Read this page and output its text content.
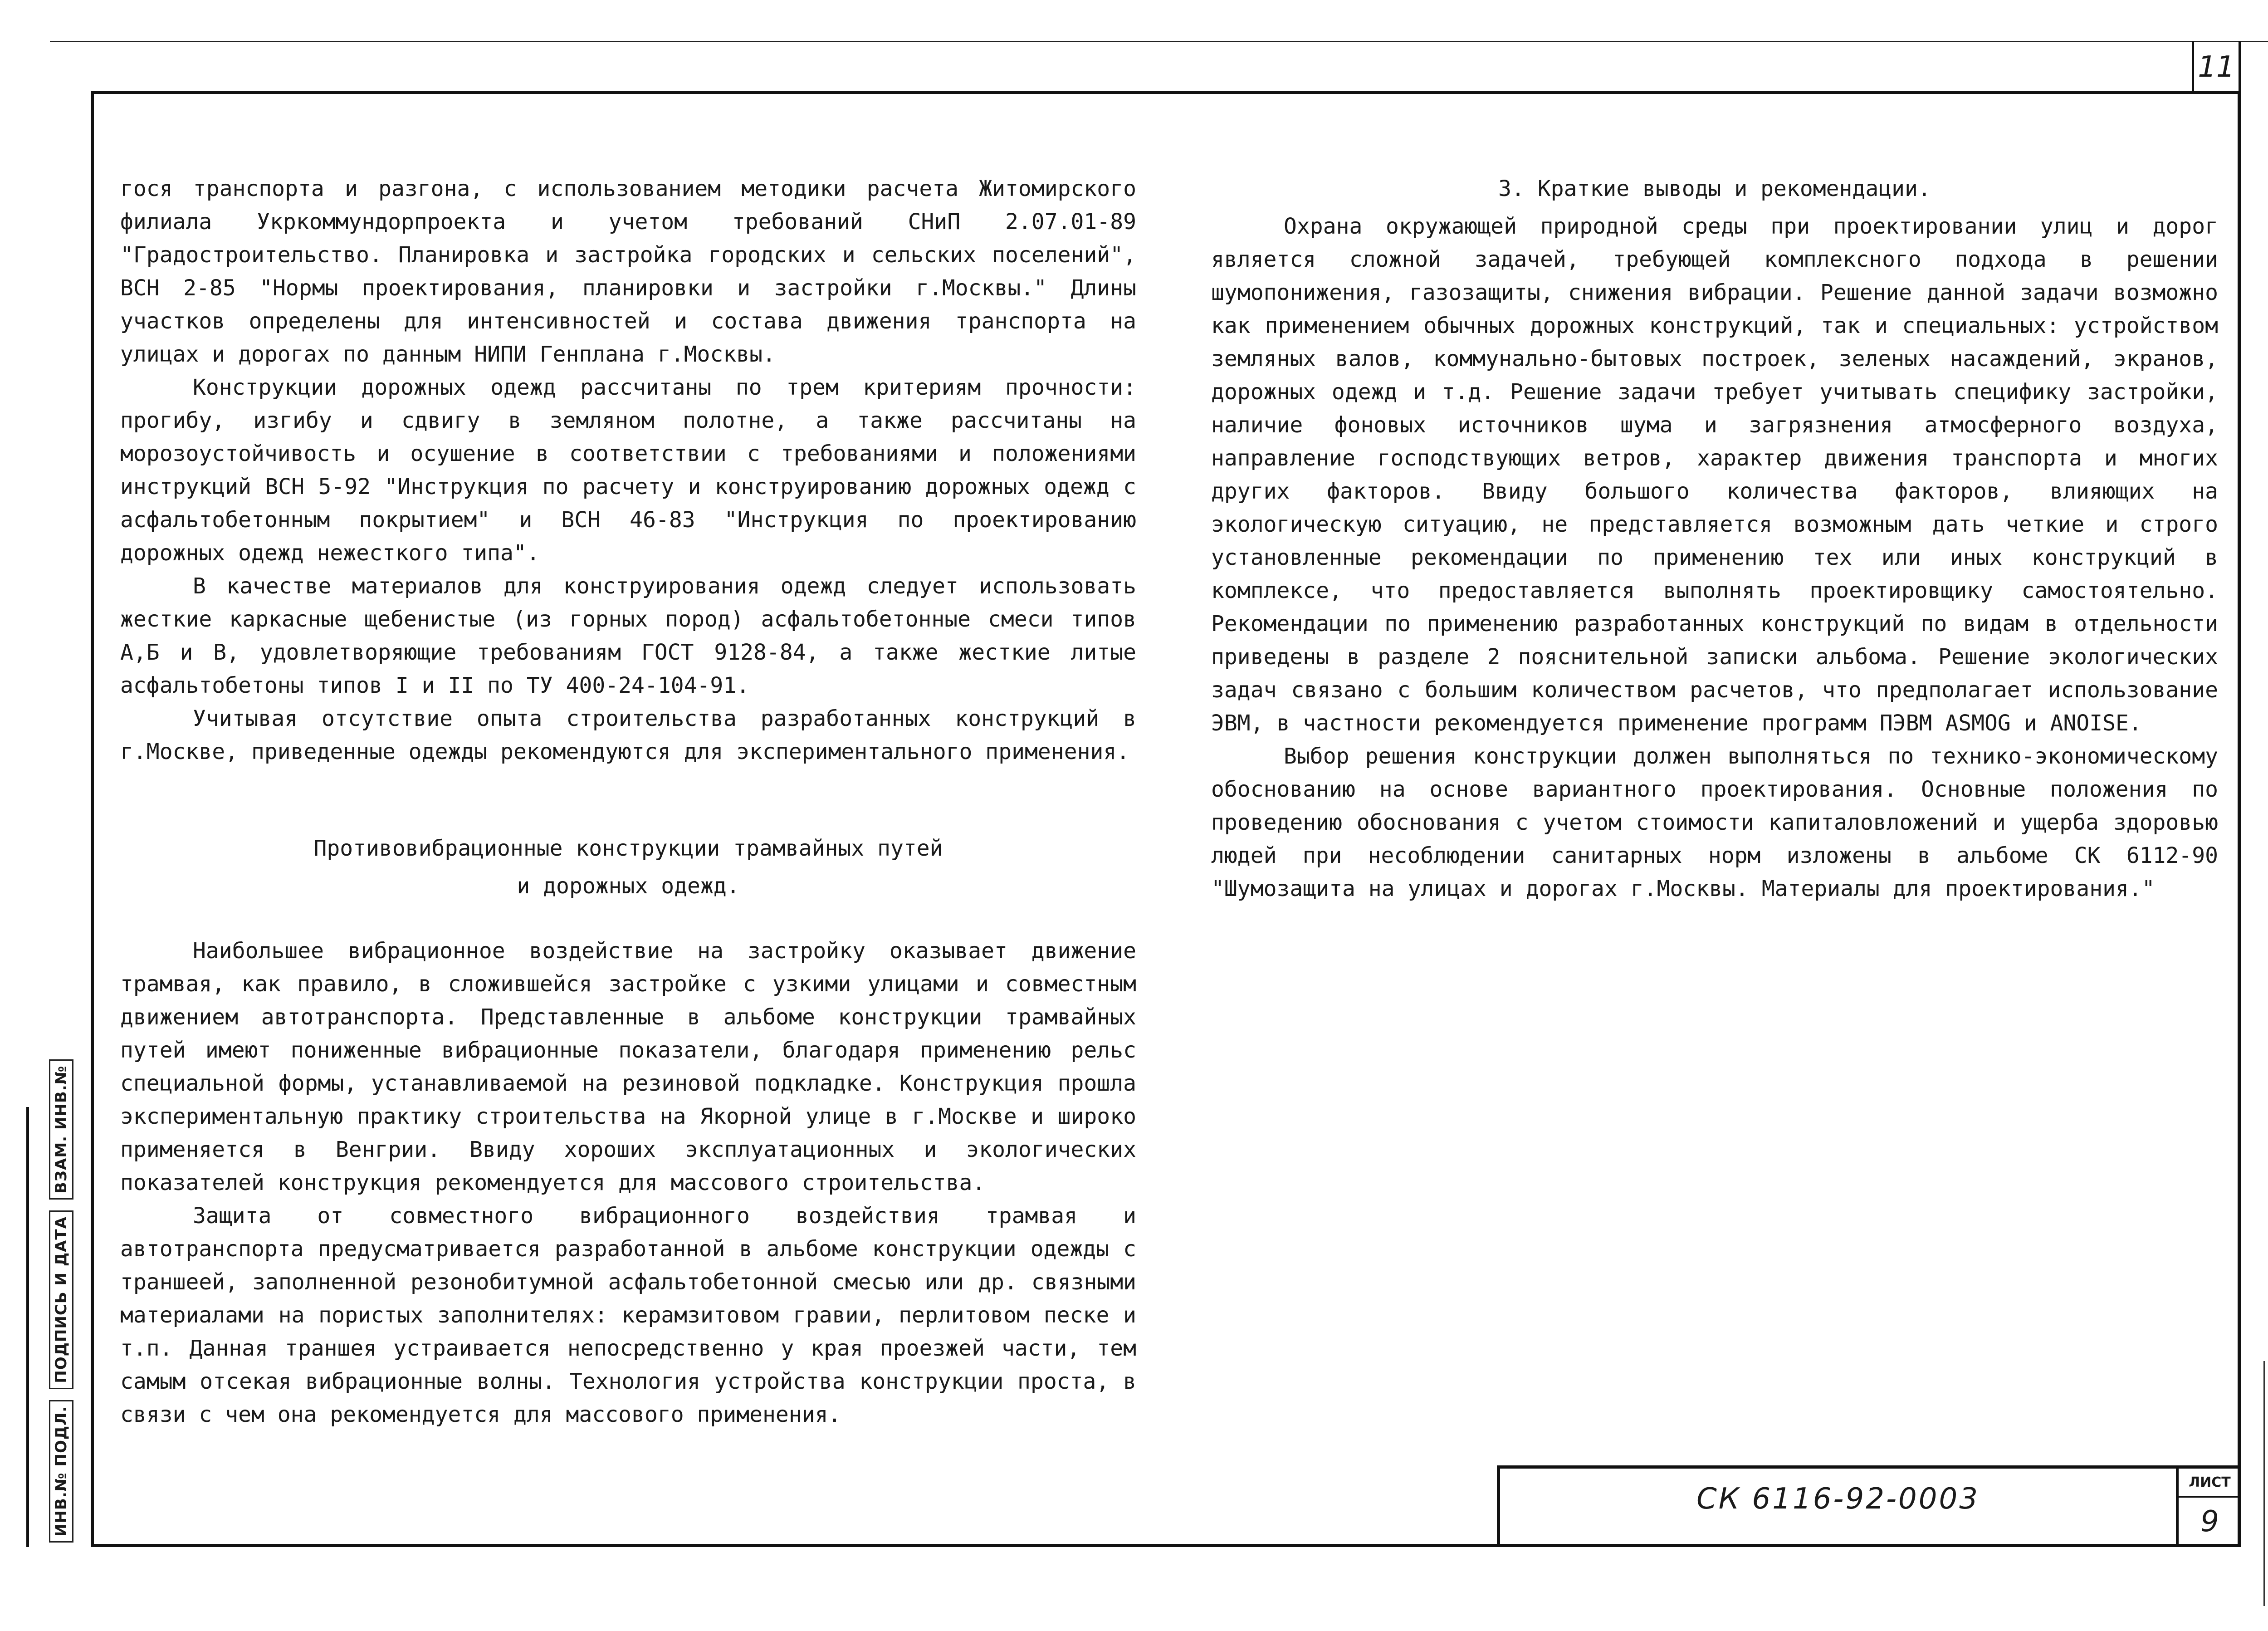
11
ИНВ.№ ПОДЛ.
ПОДПИСЬ И ДАТА
ВЗАМ. ИНВ.№

гося транспорта и разгона, с использованием методики расчета Житомирского филиала Укркоммундорпроекта и учетом требований СНиП 2.07.01-89 "Градостроительство. Планировка и застройка городских и сельских поселений", ВСН 2-85 "Нормы проектирования, планировки и застройки г.Москвы." Длины участков определены для интенсивностей и состава движения транспорта на улицах и дорогах по данным НИПИ Генплана г.Москвы.

Конструкции дорожных одежд рассчитаны по трем критериям прочности: прогибу, изгибу и сдвигу в земляном полотне, а также рассчитаны на морозоустойчивость и осушение в соответствии с требованиями и положениями инструкций ВСН 5-92 "Инструкция по расчету и конструированию дорожных одежд с асфальтобетонным покрытием" и ВСН 46-83 "Инструкция по проектированию дорожных одежд нежесткого типа".

В качестве материалов для конструирования одежд следует использовать жесткие каркасные щебенистые (из горных пород) асфальтобетонные смеси типов А,Б и В, удовлетворяющие требованиям ГОСТ 9128-84, а также жесткие литые асфальтобетоны типов I и II по ТУ 400-24-104-91.

Учитывая отсутствие опыта строительства разработанных конструкций в г.Москве, приведенные одежды рекомендуются для экспериментального применения.

Противовибрационные конструкции трамвайных путей

и дорожных одежд.

Наибольшее вибрационное воздействие на застройку оказывает движение трамвая, как правило, в сложившейся застройке с узкими улицами и совместным движением автотранспорта. Представленные в альбоме конструкции трамвайных путей имеют пониженные вибрационные показатели, благодаря применению рельс специальной формы, устанавливаемой на резиновой подкладке. Конструкция прошла экспериментальную практику строительства на Якорной улице в г.Москве и широко применяется в Венгрии. Ввиду хороших эксплуатационных и экологических показателей конструкция рекомендуется для массового строительства.

Защита от совместного вибрационного воздействия трамвая и автотранспорта предусматривается разработанной в альбоме конструкции одежды с траншеей, заполненной резонобитумной асфальтобетонной смесью или др. связными материалами на пористых заполнителях: керамзитовом гравии, перлитовом песке и т.п. Данная траншея устраивается непосредственно у края проезжей части, тем самым отсекая вибрационные волны. Технология устройства конструкции проста, в связи с чем она рекомендуется для массового применения.

3. Краткие выводы и рекомендации.

Охрана окружающей природной среды при проектировании улиц и дорог является сложной задачей, требующей комплексного подхода в решении шумопонижения, газозащиты, снижения вибрации. Решение данной задачи возможно как применением обычных дорожных конструкций, так и специальных: устройством земляных валов, коммунально-бытовых построек, зеленых насаждений, экранов, дорожных одежд и т.д. Решение задачи требует учитывать специфику застройки, наличие фоновых источников шума и загрязнения атмосферного воздуха, направление господствующих ветров, характер движения транспорта и многих других факторов. Ввиду большого количества факторов, влияющих на экологическую ситуацию, не представляется возможным дать четкие и строго установленные рекомендации по применению тех или иных конструкций в комплексе, что предоставляется выполнять проектировщику самостоятельно. Рекомендации по применению разработанных конструкций по видам в отдельности приведены в разделе 2 пояснительной записки альбома. Решение экологических задач связано с большим количеством расчетов, что предполагает использование ЭВМ, в частности рекомендуется применение программ ПЭВМ ASMOG и ANOISE.

Выбор решения конструкции должен выполняться по технико-экономическому обоснованию на основе вариантного проектирования. Основные положения по проведению обоснования с учетом стоимости капиталовложений и ущерба здоровью людей при несоблюдении санитарных норм изложены в альбоме СК 6112-90 "Шумозащита на улицах и дорогах г.Москвы. Материалы для проектирования."

СК 6116-92-0003	ЛИСТ
9
